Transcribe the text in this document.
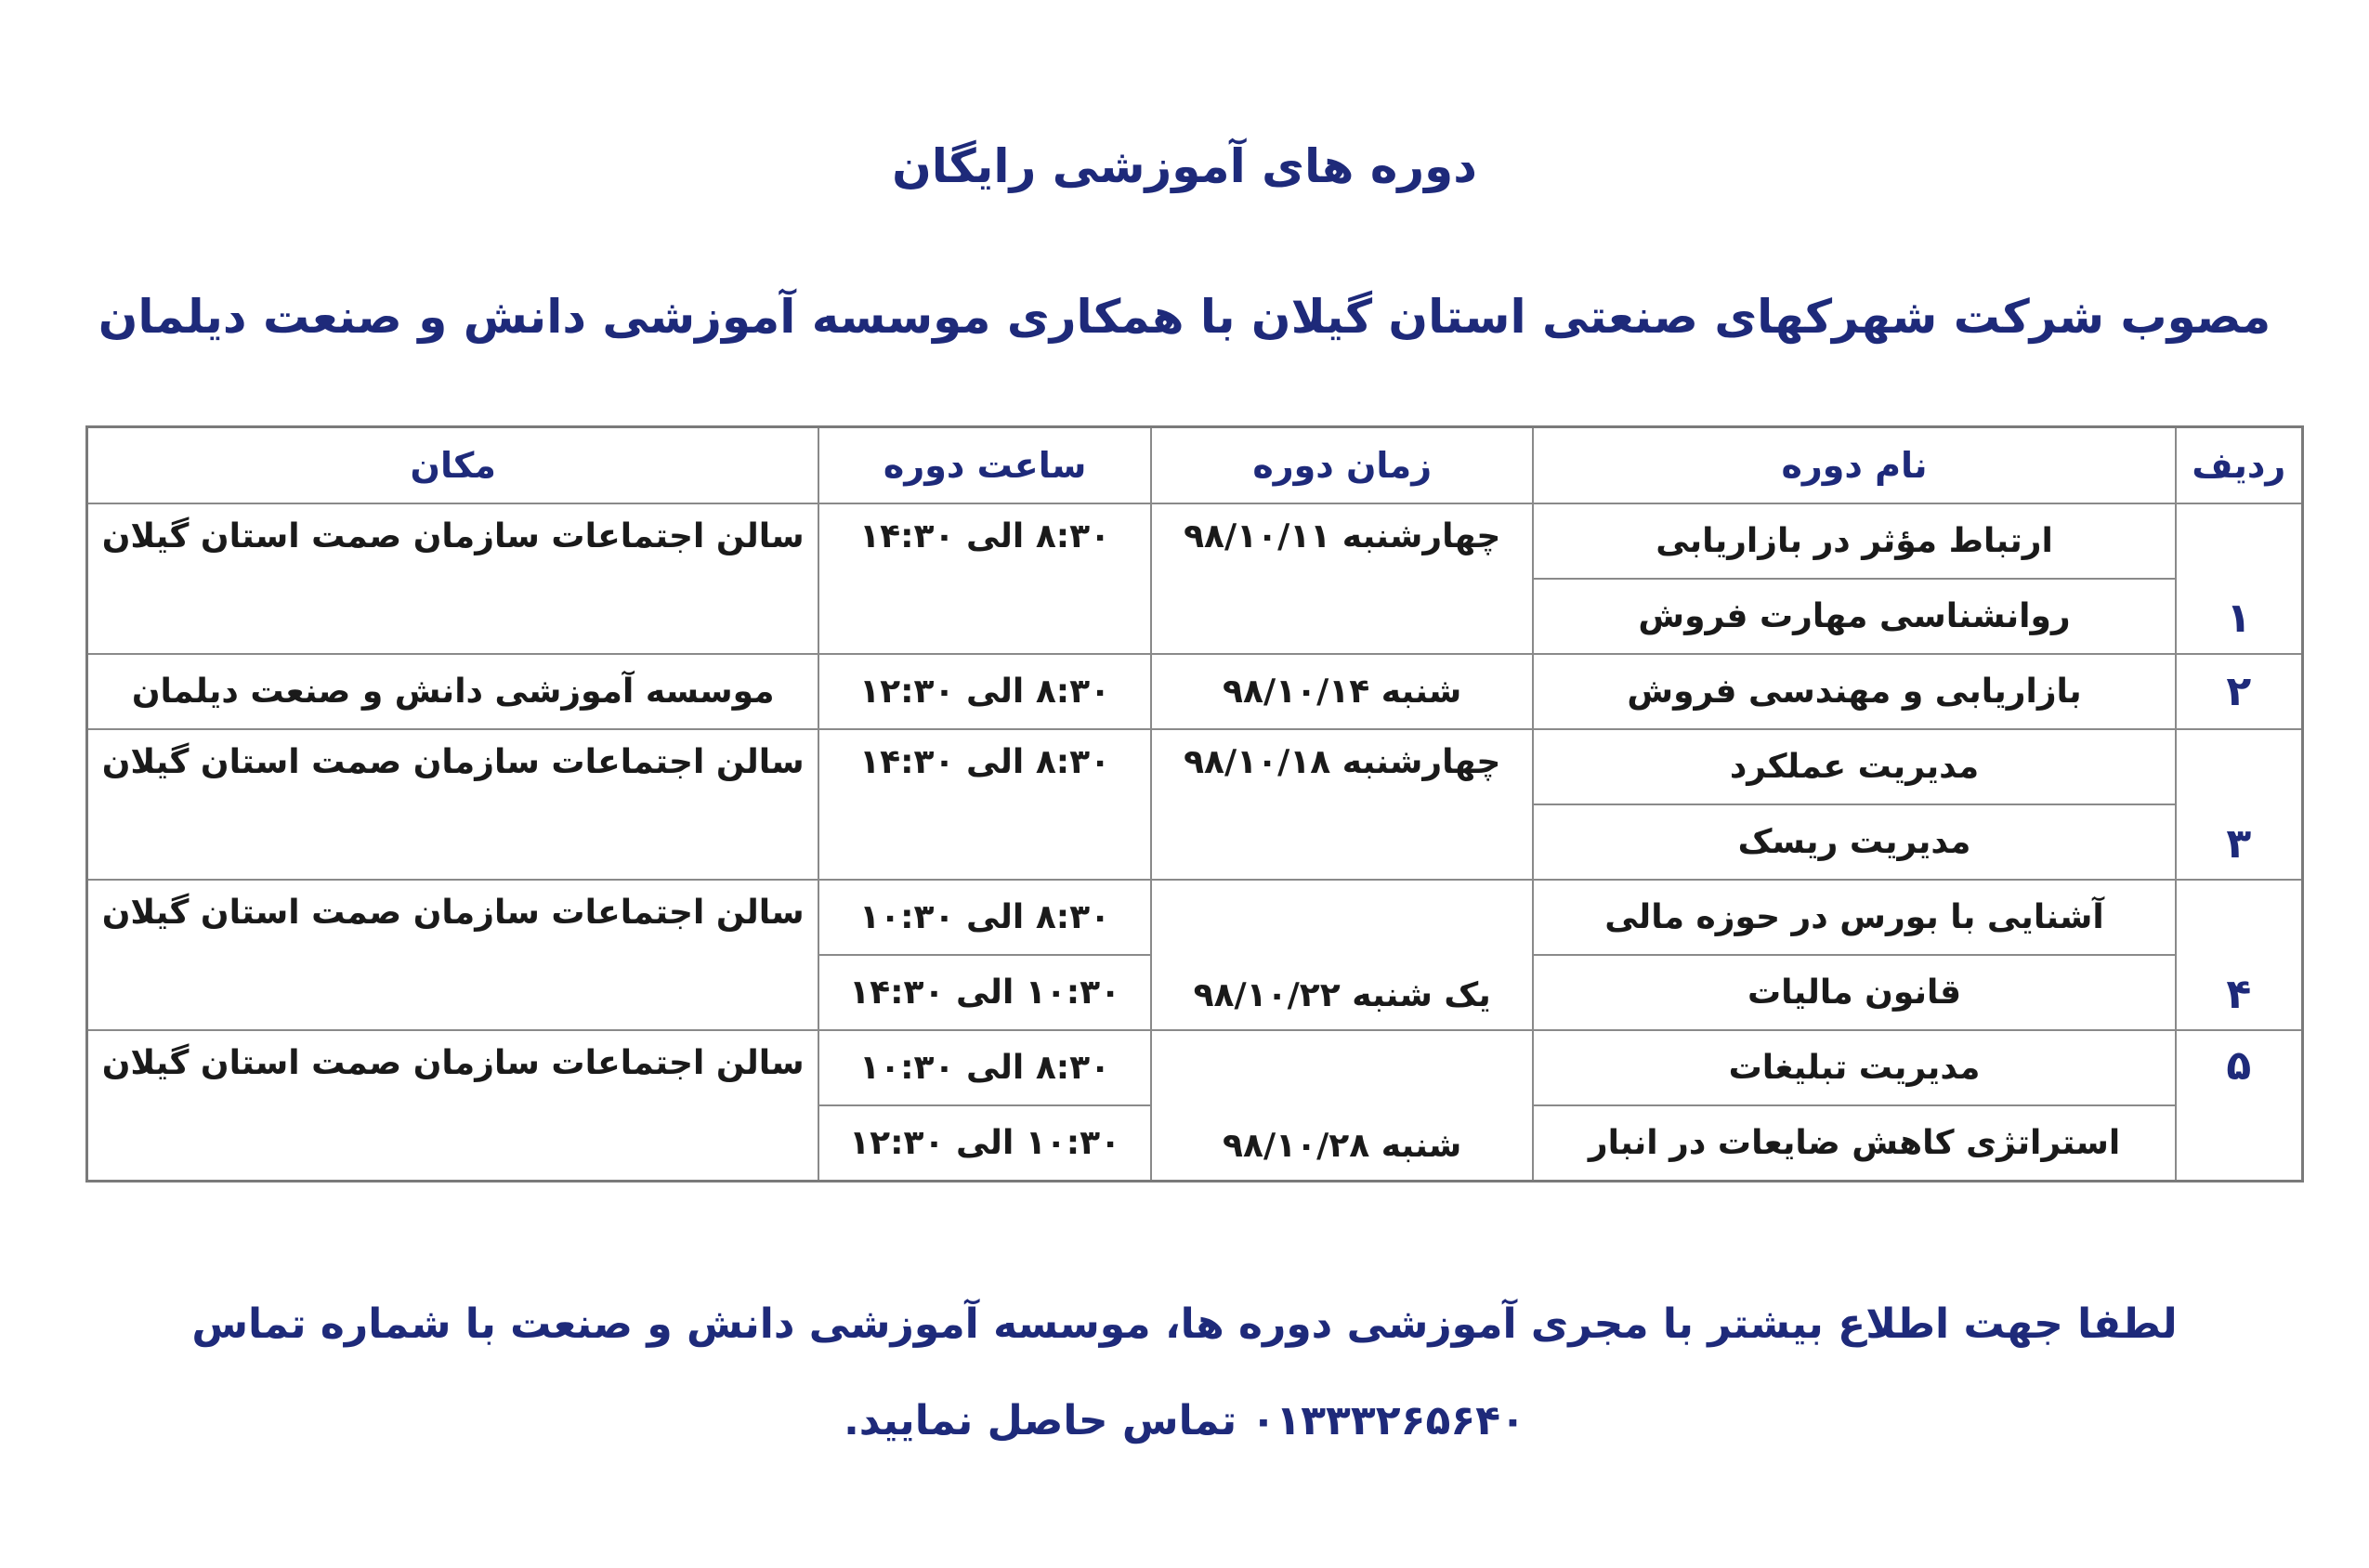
دوره های آموزشی رایگان
مصوب شرکت شهرکهای صنعتی استان گیلان با همکاری موسسه آموزشی دانش و صنعت دیلمان
ردیف	نام دوره	زمان دوره	ساعت دوره	مکان
۱	ارتباط مؤثر در بازاریابی	چهارشنبه ۹۸/۱۰/۱۱	۸:۳۰ الی ۱۴:۳۰	سالن اجتماعات سازمان صمت استان گیلان
	روانشناسی مهارت فروش			
۲	بازاریابی و مهندسی فروش	شنبه ۹۸/۱۰/۱۴	۸:۳۰ الی ۱۲:۳۰	موسسه آموزشی دانش و صنعت دیلمان
۳	مدیریت عملکرد	چهارشنبه ۹۸/۱۰/۱۸	۸:۳۰ الی ۱۴:۳۰	سالن اجتماعات سازمان صمت استان گیلان
	مدیریت ریسک			
۴	آشنایی با بورس در حوزه مالی	یک شنبه ۹۸/۱۰/۲۲	۸:۳۰ الی ۱۰:۳۰	سالن اجتماعات سازمان صمت استان گیلان
	قانون مالیات		۱۰:۳۰ الی ۱۴:۳۰	
۵	مدیریت تبلیغات	شنبه ۹۸/۱۰/۲۸	۸:۳۰ الی ۱۰:۳۰	سالن اجتماعات سازمان صمت استان گیلان
	استراتژی کاهش ضایعات در انبار		۱۰:۳۰ الی ۱۲:۳۰	
لطفا جهت اطلاع بیشتر با مجری آموزشی دوره ها، موسسه آموزشی دانش و صنعت با شماره تماس
۰۱۳۳۳۲۶۵۶۴۰ تماس حاصل نمایید.
